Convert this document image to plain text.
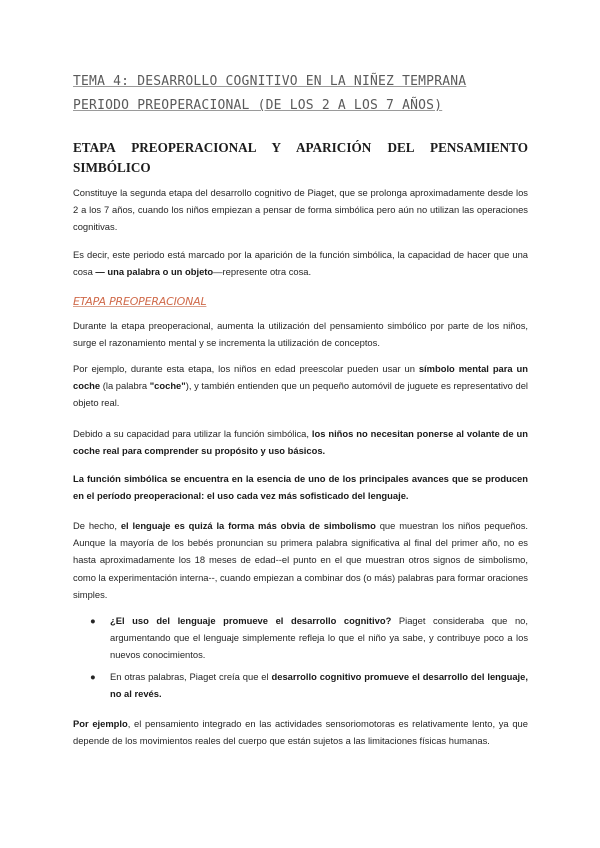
TEMA 4: DESARROLLO COGNITIVO EN LA NIÑEZ TEMPRANA
PERIODO PREOPERACIONAL (DE LOS 2 A LOS 7 AÑOS)
ETAPA PREOPERACIONAL Y APARICIÓN DEL PENSAMIENTO
SIMBÓLICO
Constituye la segunda etapa del desarrollo cognitivo de Piaget, que se prolonga aproximadamente desde los 2 a los 7 años, cuando los niños empiezan a pensar de forma simbólica pero aún no utilizan las operaciones cognitivas.
Es decir, este periodo está marcado por la aparición de la función simbólica, la capacidad de hacer que una cosa — una palabra o un objeto—represente otra cosa.
ETAPA PREOPERACIONAL
Durante la etapa preoperacional, aumenta la utilización del pensamiento simbólico por parte de los niños, surge el razonamiento mental y se incrementa la utilización de conceptos.
Por ejemplo, durante esta etapa, los niños en edad preescolar pueden usar un símbolo mental para un coche (la palabra "coche"), y también entienden que un pequeño automóvil de juguete es representativo del objeto real.
Debido a su capacidad para utilizar la función simbólica, los niños no necesitan ponerse al volante de un coche real para comprender su propósito y uso básicos.
La función simbólica se encuentra en la esencia de uno de los principales avances que se producen en el período preoperacional: el uso cada vez más sofisticado del lenguaje.
De hecho, el lenguaje es quizá la forma más obvia de simbolismo que muestran los niños pequeños. Aunque la mayoría de los bebés pronuncian su primera palabra significativa al final del primer año, no es hasta aproximadamente los 18 meses de edad--el punto en el que muestran otros signos de simbolismo, como la experimentación interna--, cuando empiezan a combinar dos (o más) palabras para formar oraciones simples.
● ¿El uso del lenguaje promueve el desarrollo cognitivo? Piaget consideraba que no, argumentando que el lenguaje simplemente refleja lo que el niño ya sabe, y contribuye poco a los nuevos conocimientos.
● En otras palabras, Piaget creía que el desarrollo cognitivo promueve el desarrollo del lenguaje, no al revés.
Por ejemplo, el pensamiento integrado en las actividades sensoriomotoras es relativamente lento, ya que depende de los movimientos reales del cuerpo que están sujetos a las limitaciones físicas humanas.
